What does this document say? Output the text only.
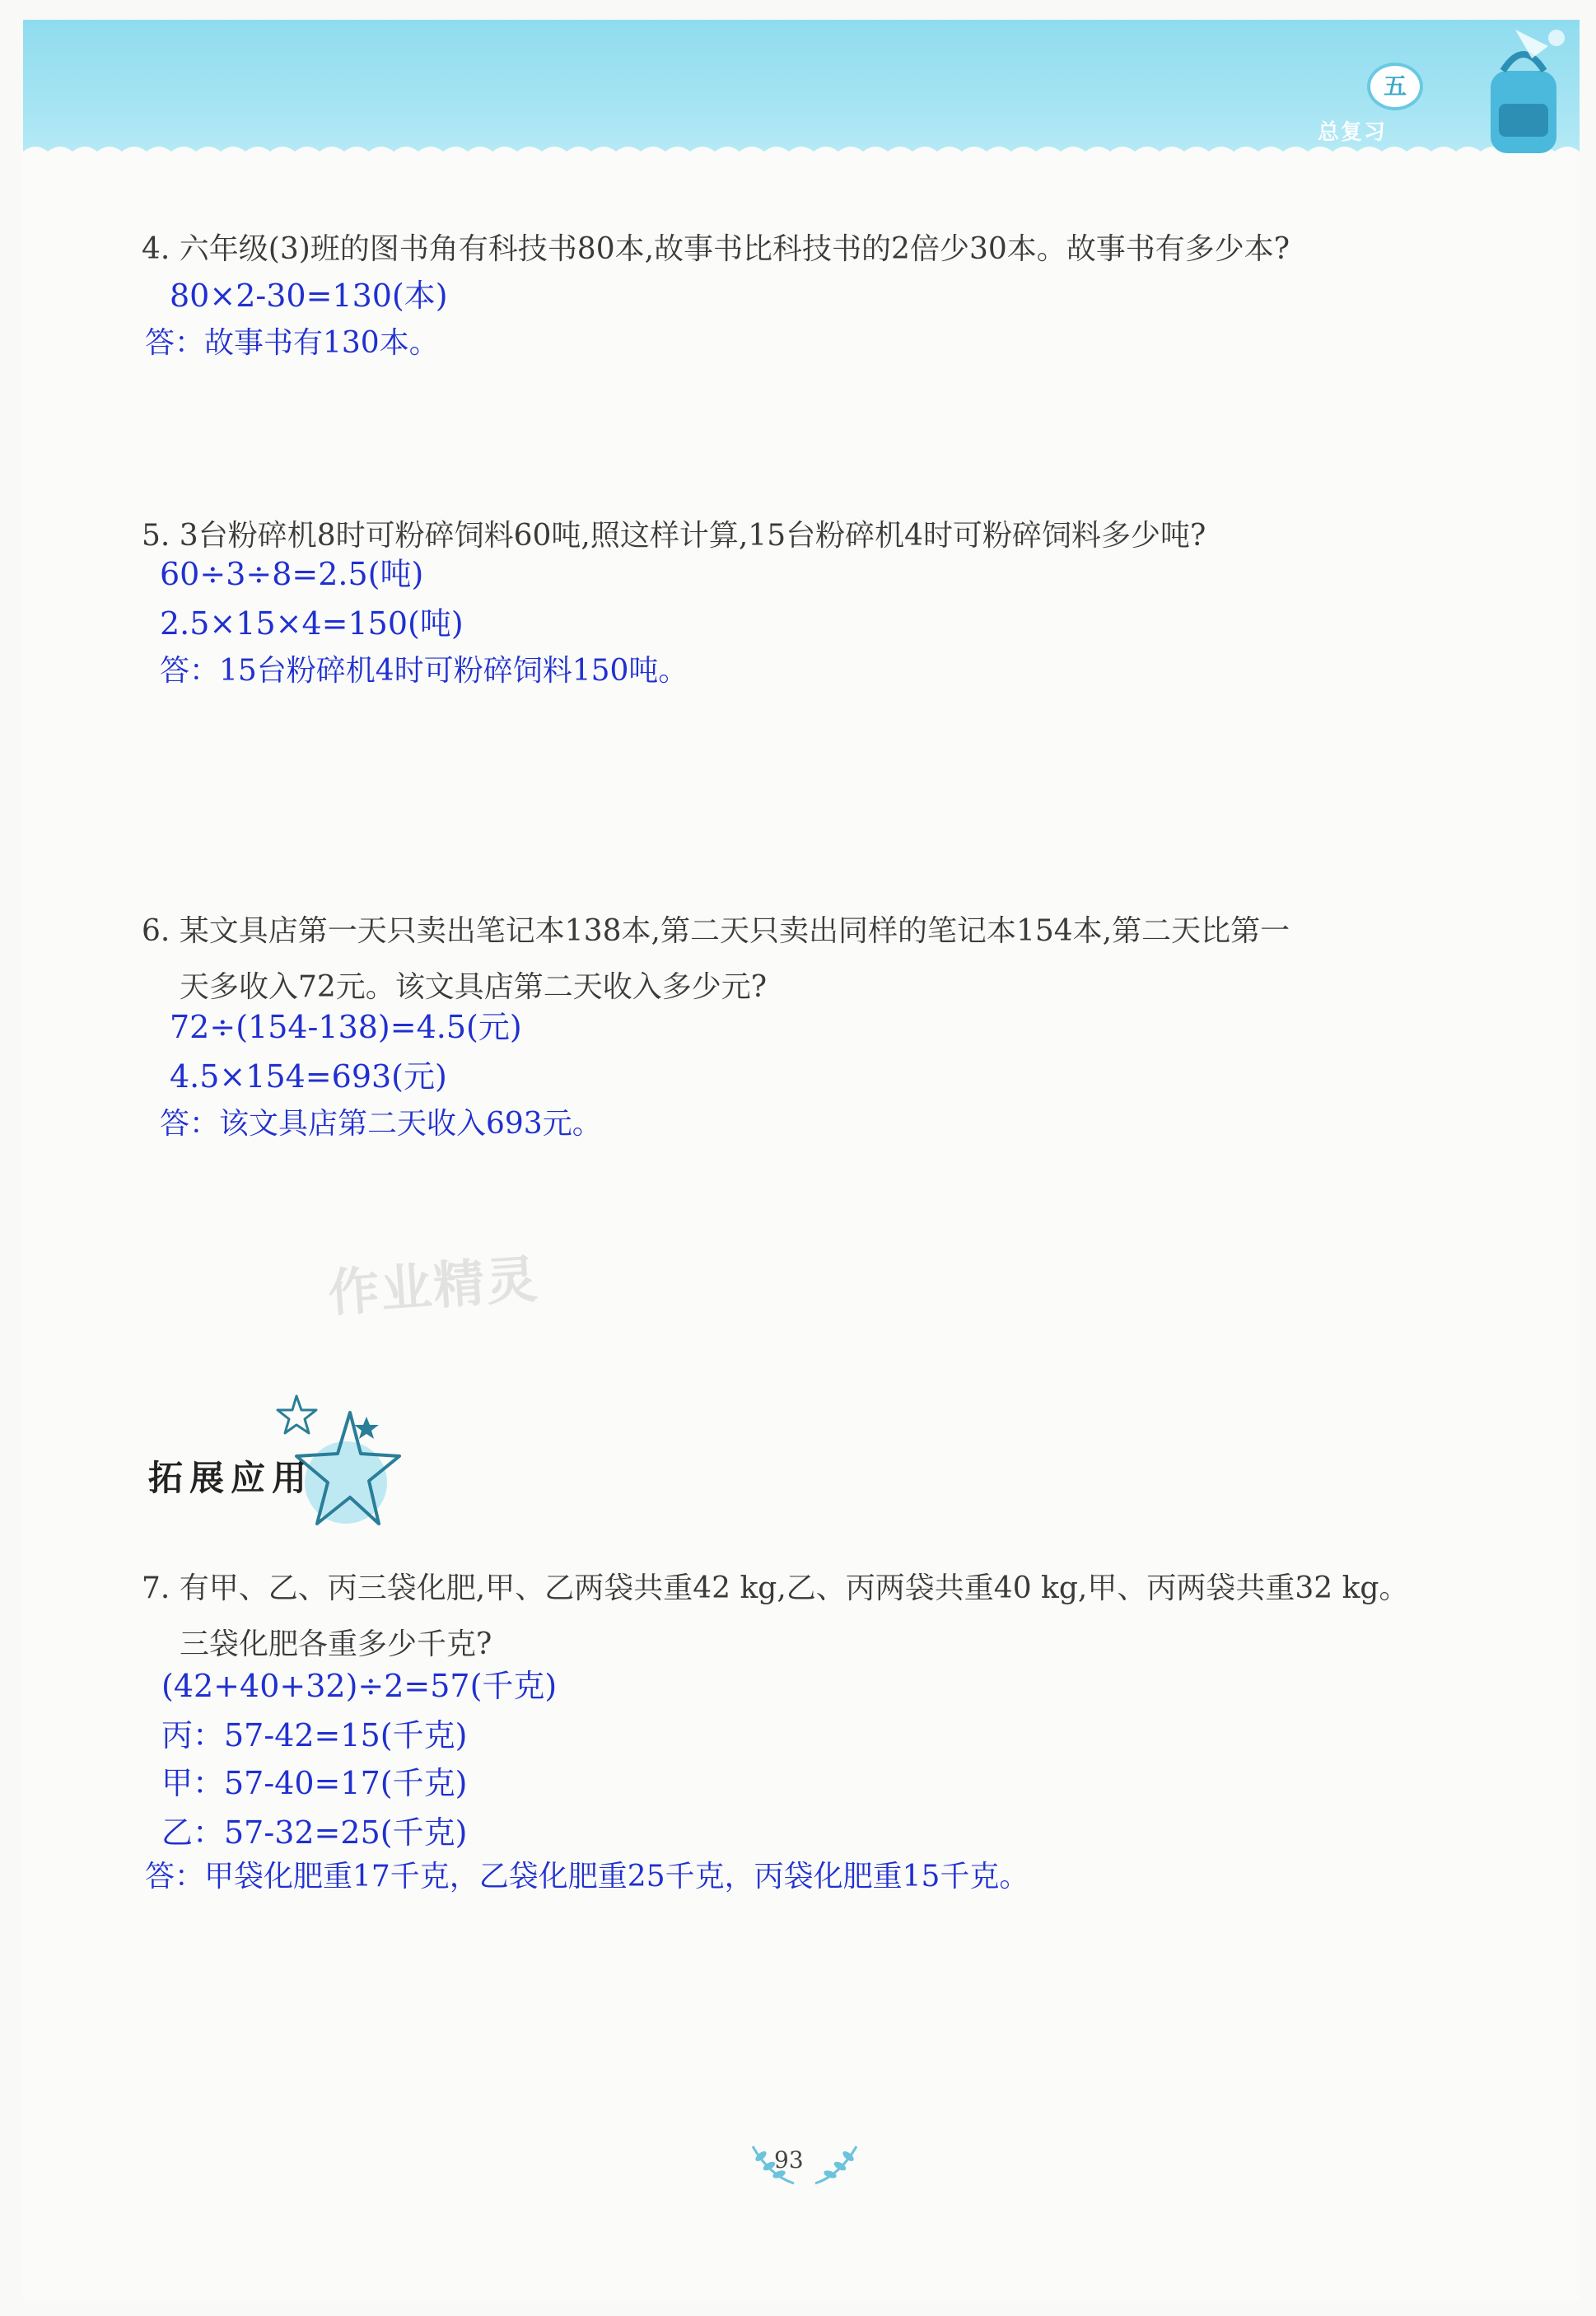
五
总复习
4. 六年级(3)班的图书角有科技书80本,故事书比科技书的2倍少30本。故事书有多少本?
80×2-30=130(本)
答：故事书有130本。
5. 3台粉碎机8时可粉碎饲料60吨,照这样计算,15台粉碎机4时可粉碎饲料多少吨?
60÷3÷8=2.5(吨)
2.5×15×4=150(吨)
答：15台粉碎机4时可粉碎饲料150吨。
6. 某文具店第一天只卖出笔记本138本,第二天只卖出同样的笔记本154本,第二天比第一
天多收入72元。该文具店第二天收入多少元?
72÷(154-138)=4.5(元)
4.5×154=693(元)
答：该文具店第二天收入693元。
作业精灵
拓展应用
7. 有甲、乙、丙三袋化肥,甲、乙两袋共重42 kg,乙、丙两袋共重40 kg,甲、丙两袋共重32 kg。
三袋化肥各重多少千克?
(42+40+32)÷2=57(千克)
丙：57-42=15(千克)
甲：57-40=17(千克)
乙：57-32=25(千克)
答：甲袋化肥重17千克，乙袋化肥重25千克，丙袋化肥重15千克。
93
